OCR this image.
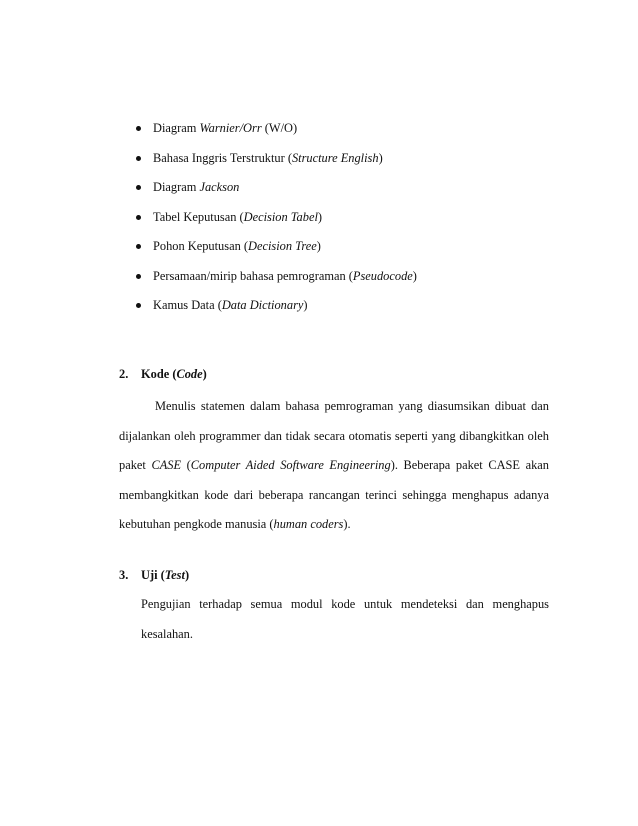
Diagram Warnier/Orr (W/O)
Bahasa Inggris Terstruktur (Structure English)
Diagram Jackson
Tabel Keputusan (Decision Tabel)
Pohon Keputusan (Decision Tree)
Persamaan/mirip bahasa pemrograman (Pseudocode)
Kamus Data (Data Dictionary)
2. Kode (Code)

Menulis statemen dalam bahasa pemrograman yang diasumsikan dibuat dan dijalankan oleh programmer dan tidak secara otomatis seperti yang dibangkitkan oleh paket CASE (Computer Aided Software Engineering). Beberapa paket CASE akan membangkitkan kode dari beberapa rancangan terinci sehingga menghapus adanya kebutuhan pengkode manusia (human coders).

3. Uji (Test)

Pengujian terhadap semua modul kode untuk mendeteksi dan menghapus kesalahan.
